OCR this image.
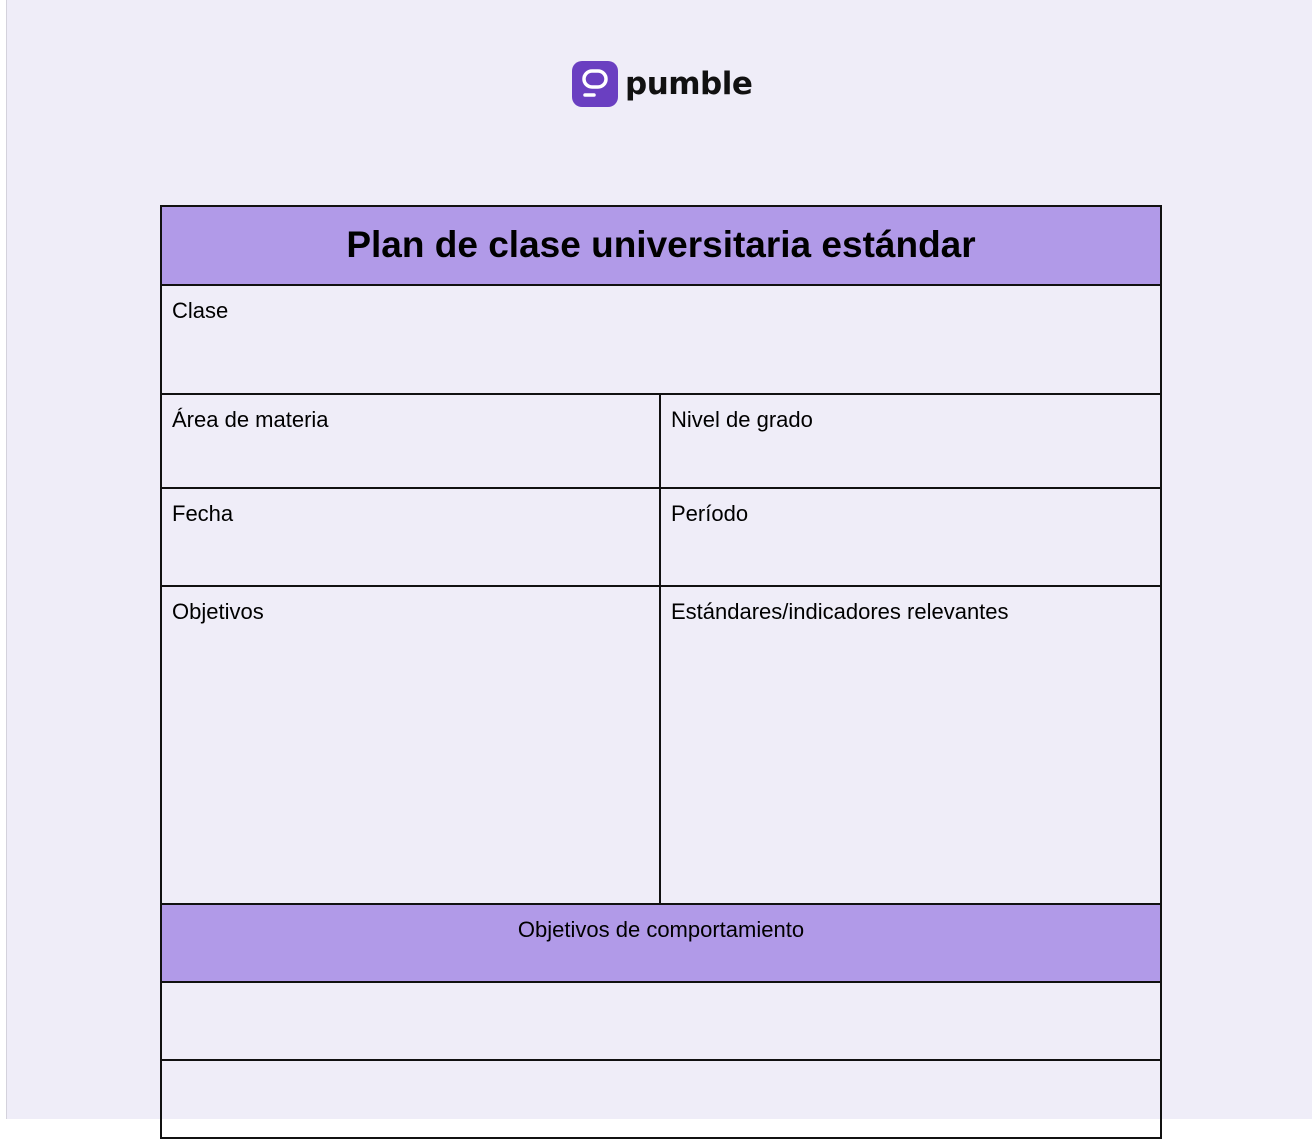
pumble
Plan de clase universitaria estándar	
Clase	
Área de materia	Nivel de grado
Fecha	Período
Objetivos	Estándares/indicadores relevantes
Objetivos de comportamiento	
